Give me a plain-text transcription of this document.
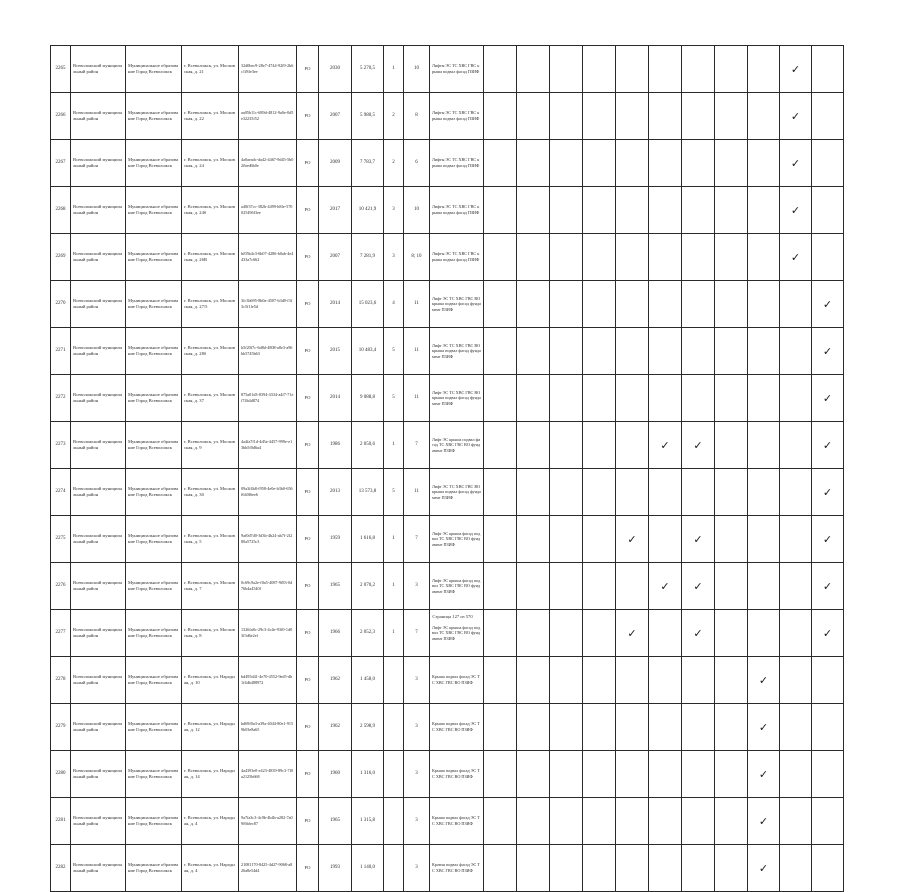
2265	Всеволожский муниципальный район	Муниципальное образование Город Всеволожск	г. Всеволожск, ул. Московская, д. 21	32d0bec9-28e7-4744-92f9-2b6c1f8fe3ee	РО	2030	5 270,5	1	10	Лифты ЭС ТС ХВС ГВС крыша подвал фасад ПЗИФ										✓	
2266	Всеволожский муниципальный район	Муниципальное образование Город Всеволожск	г. Всеволожск, ул. Московская, д. 22	aa05b11c-689d-4812-9a0e-0d5e32235f52	РО	2007	5 980,5	2	8	Лифты ЭС ТС ХВС ГВС крыша подвал фасад ПЗИФ										✓	
2267	Всеволожский муниципальный район	Муниципальное образование Город Всеволожск	г. Всеволожск, ул. Московская, д. 24	4a0aeadc-da42-4467-9d45-5b02fbed6b0e	РО	2009	7 783,7	2	6	Лифты ЭС ТС ХВС ГВС крыша подвал фасад ПЗИФ										✓	
2268	Всеволожский муниципальный район	Муниципальное образование Город Всеволожск	г. Всеволожск, ул. Московская, д. 24б	a40f37cc-382b-4499-b8fe-570025496f3ee	РО	2017	10 421,9	3	10	Лифты ЭС ТС ХВС ГВС крыша подвал фасад ПЗИФ										✓	
2269	Всеволожский муниципальный район	Муниципальное образование Город Всеволожск	г. Всеволожск, ул. Московская, д. 26В	bf05b4c3-6b07-4286-b0ab-4e4433a7c662	РО	2007	7 281,9	3	8; 10	Лифты ЭС ТС ХВС ГВС крыша подвал фасад ПЗИФ										✓	
2270	Всеволожский муниципальный район	Муниципальное образование Город Всеволожск	г. Всеволожск, ул. Московская, д. 27/5	3fc3b695-8b0a-4507-b3d0-f3f3c5f1fe5d	РО	2014	15 023,6	4	11	Лифт ЭС ТС ХВС ГВС ВО крыша подвал фасад фундамент ПЗИФ											✓
2271	Всеволожский муниципальный район	Муниципальное образование Город Всеволожск	г. Всеволожск, ул. Московская, д. 28б	b5f20f7c-6d8d-4808-a8e3-a96bb5745b63	РО	2015	10 483,4	5	11	Лифт ЭС ТС ХВС ГВС ВО крыша подвал фасад фундамент ПЗИФ											✓
2272	Всеволожский муниципальный район	Муниципальное образование Город Всеволожск	г. Всеволожск, ул. Московская, д. 37	875a01d3-8394-4334-a4f7-71ef74b4d874	РО	2014	9 088,8	5	11	Лифт ЭС ТС ХВС ГВС ВО крыша подвал фасад фундамент ПЗИФ											✓
2273	Всеволожский муниципальный район	Муниципальное образование Город Всеволожск	г. Всеволожск, ул. Московская, д. 9	4a4fa7f1d-4d5a-4457-999e-e13bb5f0d6a4	РО	1986	2 050,6	1	7	Лифт ЭС крыша подвал фасад ТС ХВС ГВС ВО фундамент ПЗИФ						✓	✓				✓
2274	Всеволожский муниципальный район	Муниципальное образование Город Всеволожск	г. Всеволожск, ул. Московская, д. 30	09a3f4b8-f958-4e0e-b3b0-656f640f6ee6	РО	2013	13 573,8	5	11	Лифт ЭС ТС ХВС ГВС ВО крыша подвал фасад фундамент ПЗИФ											✓
2275	Всеволожский муниципальный район	Муниципальное образование Город Всеволожск	г. Всеволожск, ул. Московская, д. 5	9af0d7d0-3d3b-4b24-ab7f-2f280a5725c3	РО	1959	1 616,8	1	7	Лифт ЭС крыша фасад подвал ТС ХВС ГВС ВО фундамент ПЗИФ					✓		✓				✓
2276	Всеволожский муниципальный район	Муниципальное образование Город Всеволожск	г. Всеволожск, ул. Московская, д. 7	0c69c9a2e-f0a5-4087-9f83-0d76b4a4540f	РО	1965	2 070,2	1	3	Лифт ЭС крыша фасад подвал ТС ХВС ГВС ВО фундамент ПЗИФ						✓	✓				✓
2277	Всеволожский муниципальный район	Муниципальное образование Город Всеволожск	г. Всеволожск, ул. Московская, д. 8	1326fa8c-29c3-4c4e-93f0-1d03f3d6e2ef	РО	1966	2 052,3	1	7	Лифт ЭС крыша фасад подвал ТС ХВС ГВС ВО фундамент ПЗИФ					✓		✓				✓
2278	Всеволожский муниципальный район	Муниципальное образование Город Всеволожск	г. Всеволожск, ул. Народная, д. 10	bd495d41-4e70-4552-9ed5-db1f4db488972	РО	1962	1 458,0		3	Крыша подвал фасад ЭС ТС ХВС ГВС ВО ПЗИФ									✓		
2279	Всеволожский муниципальный район	Муниципальное образование Город Всеволожск	г. Всеволожск, ул. Народная, д. 12	bd69f0a3-a39a-4044-80e1-9159b03e8a65	РО	1962	2 598,9		3	Крыша подвал фасад ЭС ТС ХВС ГВС ВО ПЗИФ									✓		
2280	Всеволожский муниципальный район	Муниципальное образование Город Всеволожск	г. Всеволожск, ул. Народная, д. 14	4a4393e0-e423-4839-89c3-7f0a2125b668	РО	1960	1 316,0		3	Крыша подвал фасад ЭС ТС ХВС ГВС ВО ПЗИФ									✓		
2281	Всеволожский муниципальный район	Муниципальное образование Город Всеволожск	г. Всеволожск, ул. Народная, д. 4	9a7fa3c3-4c9b-4b4b-a282-7a09f6bfec87	РО	1965	1 315,8		3	Крыша подвал фасад ЭС ТС ХВС ГВС ВО ПЗИФ									✓		
2282	Всеволожский муниципальный район	Муниципальное образование Город Всеволожск	г. Всеволожск, ул. Народная, д. 4	21081170-8425-4d27-9068-a826a8e54d4	РО	1993	1 140,0		3	Кровля подвал фасад ЭС ТС ХВС ГВС ВО ПЗИФ									✓		
Страница 127 из 570
